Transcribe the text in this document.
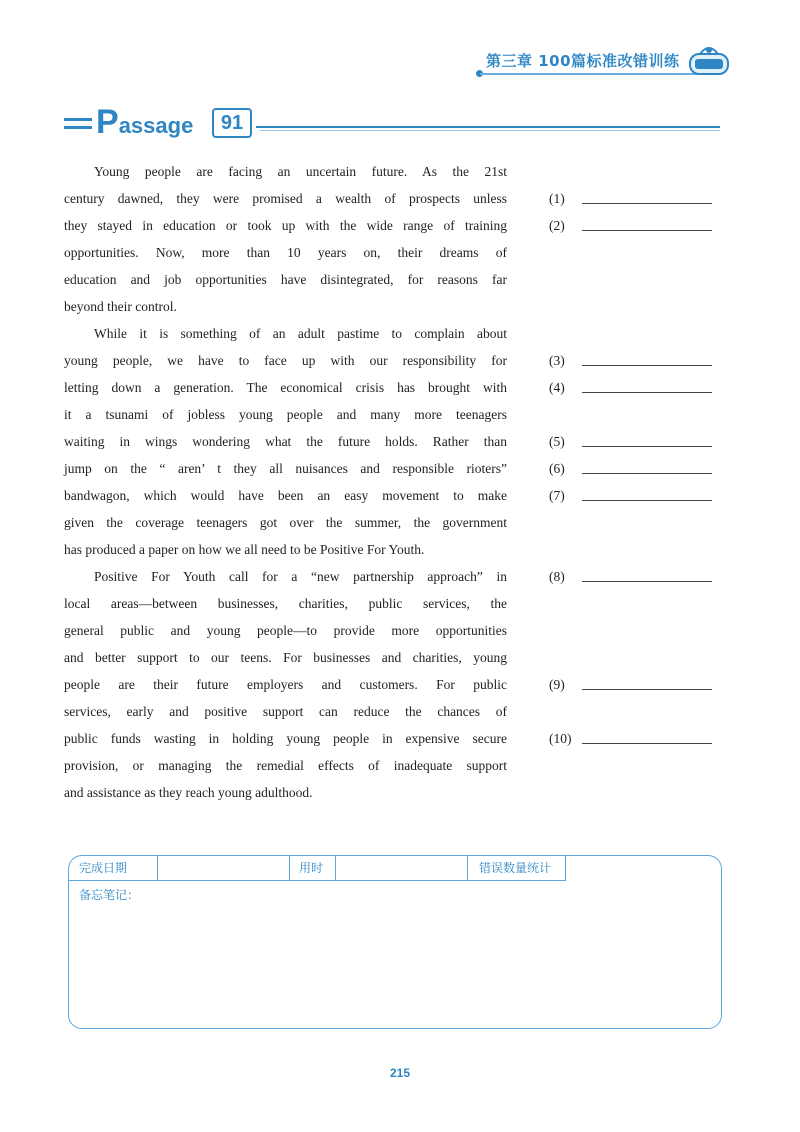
第三章 100篇标准改错训练
Passage	91
Young people are facing an uncertain future. As the 21st
century dawned, they were promised a wealth of prospects unless
they stayed in education or took up with the wide range of training
opportunities. Now, more than 10 years on, their dreams of
education and job opportunities have disintegrated, for reasons far
beyond their control.
While it is something of an adult pastime to complain about
young people, we have to face up with our responsibility for
letting down a generation. The economical crisis has brought with
it a tsunami of jobless young people and many more teenagers
waiting in wings wondering what the future holds. Rather than
jump on the “ aren’ t they all nuisances and responsible rioters”
bandwagon, which would have been an easy movement to make
given the coverage teenagers got over the summer, the government
has produced a paper on how we all need to be Positive For Youth.
Positive For Youth call for a “new partnership approach” in
local areas—between businesses, charities, public services, the
general public and young people—to provide more opportunities
and better support to our teens. For businesses and charities, young
people are their future employers and customers. For public
services, early and positive support can reduce the chances of
public funds wasting in holding young people in expensive secure
provision, or managing the remedial effects of inadequate support
and assistance as they reach young adulthood.
(1)
(2)
(3)
(4)
(5)
(6)
(7)
(8)
(9)
(10)
完成日期	用时	错误数量统计
备忘笔记：
215
